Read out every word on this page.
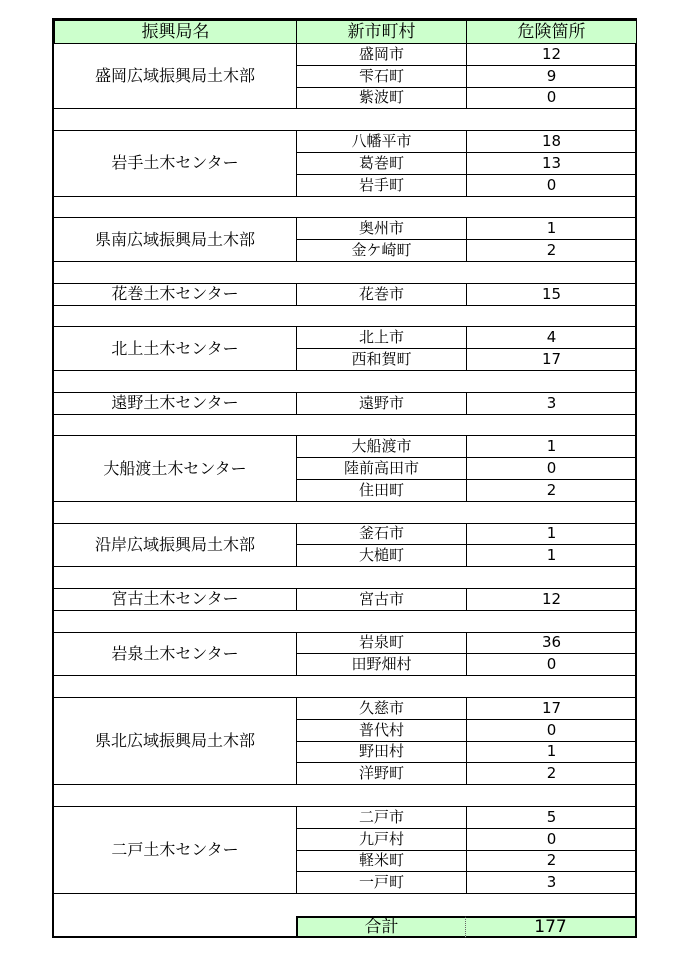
振興局名	新市町村	危険箇所
盛岡広域振興局土木部
盛岡市	12
雫石町	9
紫波町	0
岩手土木センター
八幡平市	18
葛巻町	13
岩手町	0
県南広域振興局土木部
奥州市	1
金ケ崎町	2
花巻土木センター	花巻市	15
北上土木センター
北上市	4
西和賀町	17
遠野土木センター	遠野市	3
大船渡土木センター
大船渡市	1
陸前高田市	0
住田町	2
沿岸広域振興局土木部
釜石市	1
大槌町	1
宮古土木センター	宮古市	12
岩泉土木センター
岩泉町	36
田野畑村	0
県北広域振興局土木部
久慈市	17
普代村	0
野田村	1
洋野町	2
二戸土木センター
二戸市	5
九戸村	0
軽米町	2
一戸町	3
合計	177
